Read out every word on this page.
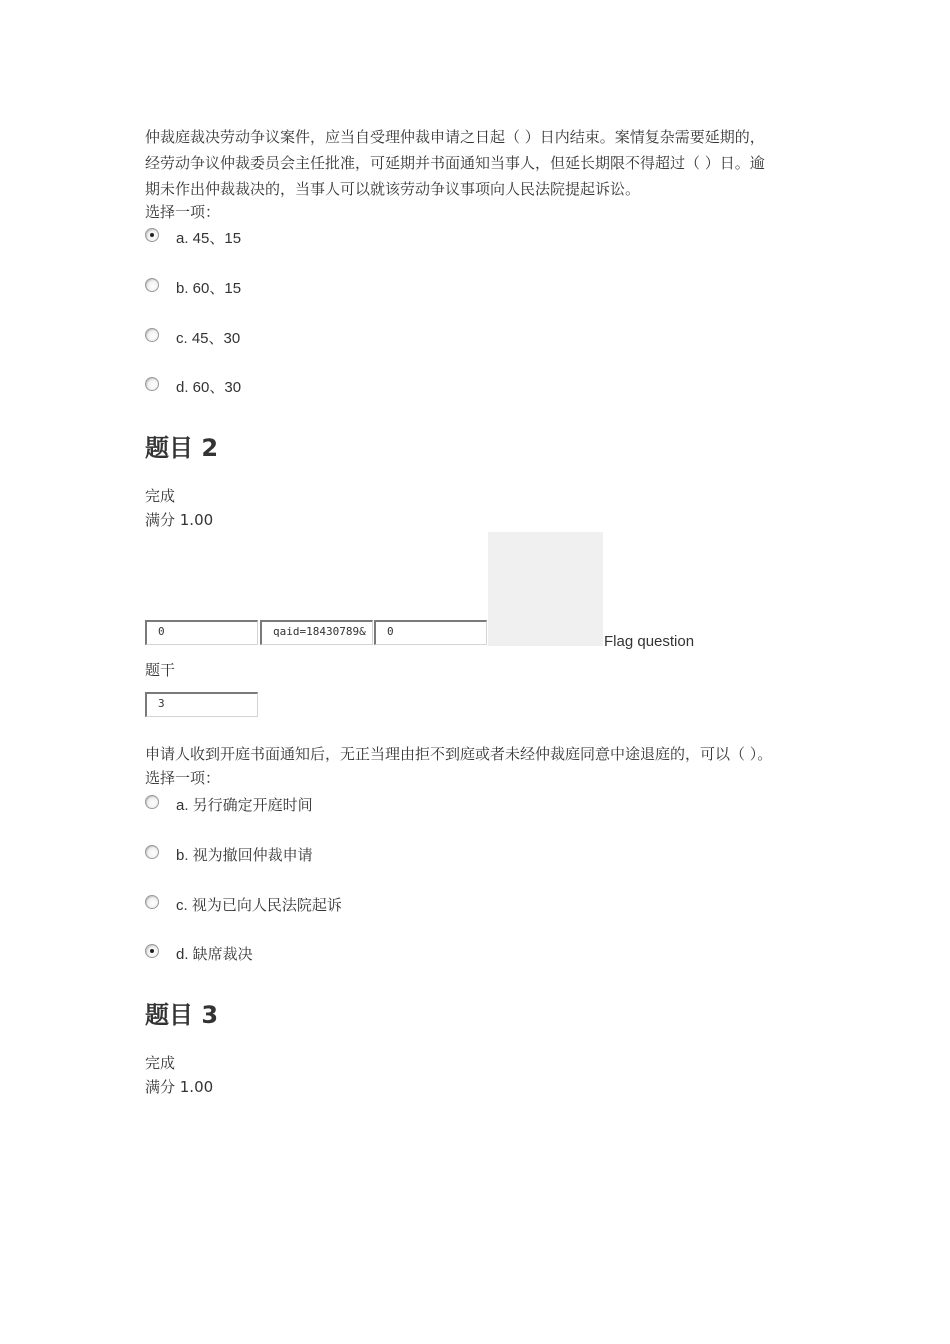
仲裁庭裁决劳动争议案件，应当自受理仲裁申请之日起（ ）日内结束。案情复杂需要延期的，
经劳动争议仲裁委员会主任批准，可延期并书面通知当事人，但延长期限不得超过（ ）日。逾
期未作出仲裁裁决的，当事人可以就该劳动争议事项向人民法院提起诉讼。
选择一项：
a. 45、15
b. 60、15
c. 45、30
d. 60、30
题目 2
完成
满分 1.00
0	qaid=18430789&	0
Flag question
题干
3
申请人收到开庭书面通知后，无正当理由拒不到庭或者未经仲裁庭同意中途退庭的，可以（ ）。
选择一项：
a. 另行确定开庭时间
b. 视为撤回仲裁申请
c. 视为已向人民法院起诉
d. 缺席裁决
题目 3
完成
满分 1.00
